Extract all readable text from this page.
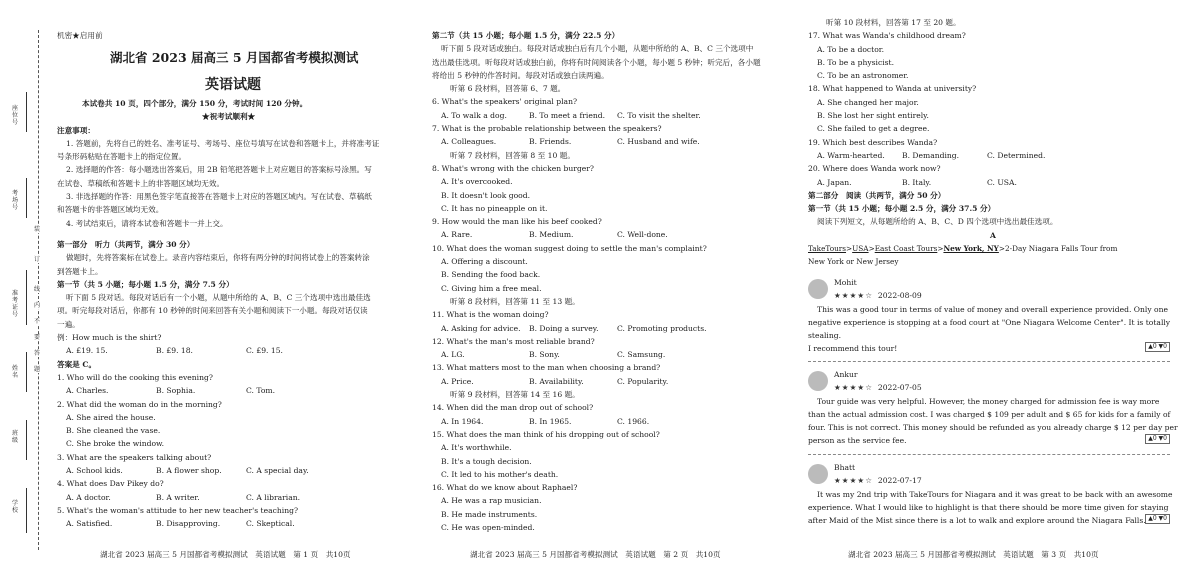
座位号
考场号
准考证号
姓名
班级
学校
装
订
线
内
不
要
答
题
机密★启用前
湖北省 2023 届高三 5 月国都省考模拟测试
英语试题
本试卷共 10 页，四个部分，满分 150 分，考试时间 120 分钟。
★祝考试顺利★
注意事项：
1. 答题前，先将自己的姓名、准考证号、考场号、座位号填写在试卷和答题卡上，并将准考证
号条形码粘贴在答题卡上的指定位置。
2. 选择题的作答：每小题选出答案后，用 2B 铅笔把答题卡上对应题目的答案标号涂黑。写
在试卷、草稿纸和答题卡上的非答题区域均无效。
3. 非选择题的作答：用黑色签字笔直接答在答题卡上对应的答题区域内。写在试卷、草稿纸
和答题卡的非答题区域均无效。
4. 考试结束后，请将本试卷和答题卡一并上交。
第一部分　听力（共两节，满分 30 分）
做题时，先将答案标在试卷上。录音内容结束后，你将有两分钟的时间将试卷上的答案转涂
到答题卡上。
第一节（共 5 小题；每小题 1.5 分，满分 7.5 分）
听下面 5 段对话。每段对话后有一个小题，从题中所给的 A、B、C 三个选项中选出最佳选
项。听完每段对话后，你都有 10 秒钟的时间来回答有关小题和阅读下一小题。每段对话仅读
一遍。
例：How much is the shirt?
A. £19. 15.	B. £9. 18.	C. £9. 15.
答案是 C。
1. Who will do the cooking this evening?
A. Charles.	B. Sophia.	C. Tom.
2. What did the woman do in the morning?
A. She aired the house.
B. She cleaned the vase.
C. She broke the window.
3. What are the speakers talking about?
A. School kids.	B. A flower shop.	C. A special day.
4. What does Dav Pikey do?
A. A doctor.	B. A writer.	C. A librarian.
5. What's the woman's attitude to her new teacher's teaching?
A. Satisfied.	B. Disapproving.	C. Skeptical.
湖北省 2023 届高三 5 月国都省考模拟测试　英语试题　第 1 页　共10页
第二节（共 15 小题；每小题 1.5 分，满分 22.5 分）
听下面 5 段对话或独白。每段对话或独白后有几个小题，从题中所给的 A、B、C 三个选项中
选出最佳选项。听每段对话或独白前，你将有时间阅读各个小题，每小题 5 秒钟；听完后，各小题
将给出 5 秒钟的作答时间。每段对话或独白读两遍。
听第 6 段材料，回答第 6、7 题。
6. What's the speakers' original plan?
A. To walk a dog.	B. To meet a friend.	C. To visit the shelter.
7. What is the probable relationship between the speakers?
A. Colleagues.	B. Friends.	C. Husband and wife.
听第 7 段材料，回答第 8 至 10 题。
8. What's wrong with the chicken burger?
A. It's overcooked.
B. It doesn't look good.
C. It has no pineapple on it.
9. How would the man like his beef cooked?
A. Rare.	B. Medium.	C. Well-done.
10. What does the woman suggest doing to settle the man's complaint?
A. Offering a discount.
B. Sending the food back.
C. Giving him a free meal.
听第 8 段材料，回答第 11 至 13 题。
11. What is the woman doing?
A. Asking for advice.	B. Doing a survey.	C. Promoting products.
12. What's the man's most reliable brand?
A. LG.	B. Sony.	C. Samsung.
13. What matters most to the man when choosing a brand?
A. Price.	B. Availability.	C. Popularity.
听第 9 段材料，回答第 14 至 16 题。
14. When did the man drop out of school?
A. In 1964.	B. In 1965.	C. 1966.
15. What does the man think of his dropping out of school?
A. It's worthwhile.
B. It's a tough decision.
C. It led to his mother's death.
16. What do we know about Raphael?
A. He was a rap musician.
B. He made instruments.
C. He was open-minded.
湖北省 2023 届高三 5 月国都省考模拟测试　英语试题　第 2 页　共10页
听第 10 段材料，回答第 17 至 20 题。
17. What was Wanda's childhood dream?
A. To be a doctor.
B. To be a physicist.
C. To be an astronomer.
18. What happened to Wanda at university?
A. She changed her major.
B. She lost her sight entirely.
C. She failed to get a degree.
19. Which best describes Wanda?
A. Warm-hearted.	B. Demanding.	C. Determined.
20. Where does Wanda work now?
A. Japan.	B. Italy.	C. USA.
第二部分　阅读（共两节，满分 50 分）
第一节（共 15 小题；每小题 2.5 分，满分 37.5 分）
阅读下列短文，从每题所给的 A、B、C、D 四个选项中选出最佳选项。
A
TakeTours>USA>East Coast Tours>New York, NY>2-Day Niagara Falls Tour from
New York or New Jersey
Mohit
★★★★☆ 2022-08-09
This was a good tour in terms of value of money and overall experience provided. Only one
negative experience is stopping at a food court at "One Niagara Welcome Center". It is totally
stealing.
I recommend this tour!	▲0 ▼0
Ankur
★★★★☆ 2022-07-05
Tour guide was very helpful. However, the money charged for admission fee is way more
than the actual admission cost. I was charged $ 109 per adult and $ 65 for kids for a family of
four. This is not correct. This money should be refunded as you already charge $ 12 per day per
person as the service fee.	▲0 ▼0
Bhatt
★★★★☆ 2022-07-17
It was my 2nd trip with TakeTours for Niagara and it was great to be back with an awesome
experience. What I would like to highlight is that there should be more time given for staying
after Maid of the Mist since there is a lot to walk and explore around the Niagara Falls. ▲0 ▼0
湖北省 2023 届高三 5 月国都省考模拟测试　英语试题　第 3 页　共10页
